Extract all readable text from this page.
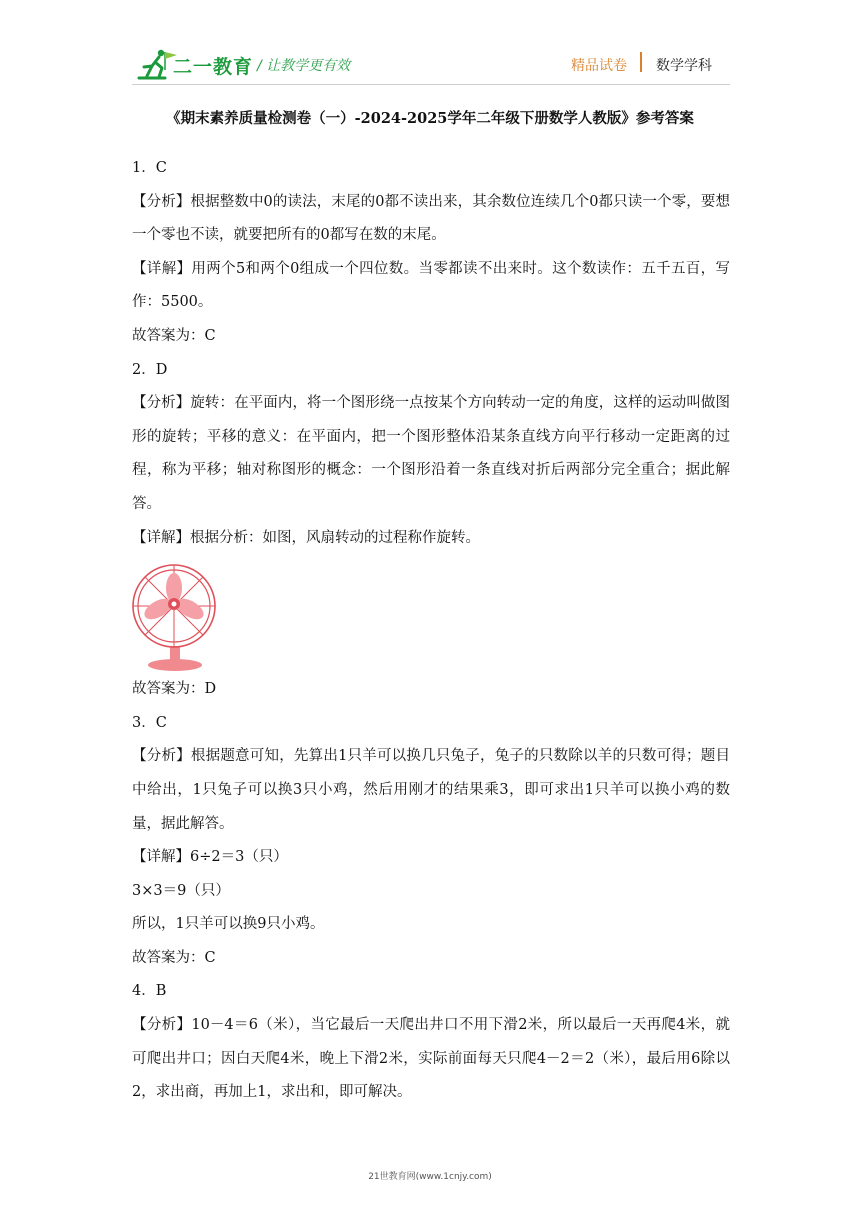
二一教育 / 让教学更有效	精品试卷 数学学科
《期末素养质量检测卷（一）-2024-2025学年二年级下册数学人教版》参考答案
1．C
【分析】根据整数中0的读法，末尾的0都不读出来，其余数位连续几个0都只读一个零，要想一个零也不读，就要把所有的0都写在数的末尾。
【详解】用两个5和两个0组成一个四位数。当零都读不出来时。这个数读作：五千五百，写作：5500。
故答案为：C
2．D
【分析】旋转：在平面内，将一个图形绕一点按某个方向转动一定的角度，这样的运动叫做图形的旋转；平移的意义：在平面内，把一个图形整体沿某条直线方向平行移动一定距离的过程，称为平移；轴对称图形的概念：一个图形沿着一条直线对折后两部分完全重合；据此解答。
【详解】根据分析：如图，风扇转动的过程称作旋转。
故答案为：D
3．C
【分析】根据题意可知，先算出1只羊可以换几只兔子，兔子的只数除以羊的只数可得；题目中给出，1只兔子可以换3只小鸡，然后用刚才的结果乘3，即可求出1只羊可以换小鸡的数量，据此解答。
【详解】6÷2＝3（只）
3×3＝9（只）
所以，1只羊可以换9只小鸡。
故答案为：C
4．B
【分析】10－4＝6（米），当它最后一天爬出井口不用下滑2米，所以最后一天再爬4米，就可爬出井口；因白天爬4米，晚上下滑2米，实际前面每天只爬4－2＝2（米），最后用6除以2，求出商，再加上1，求出和，即可解决。
21世教育网(www.1cnjy.com)
